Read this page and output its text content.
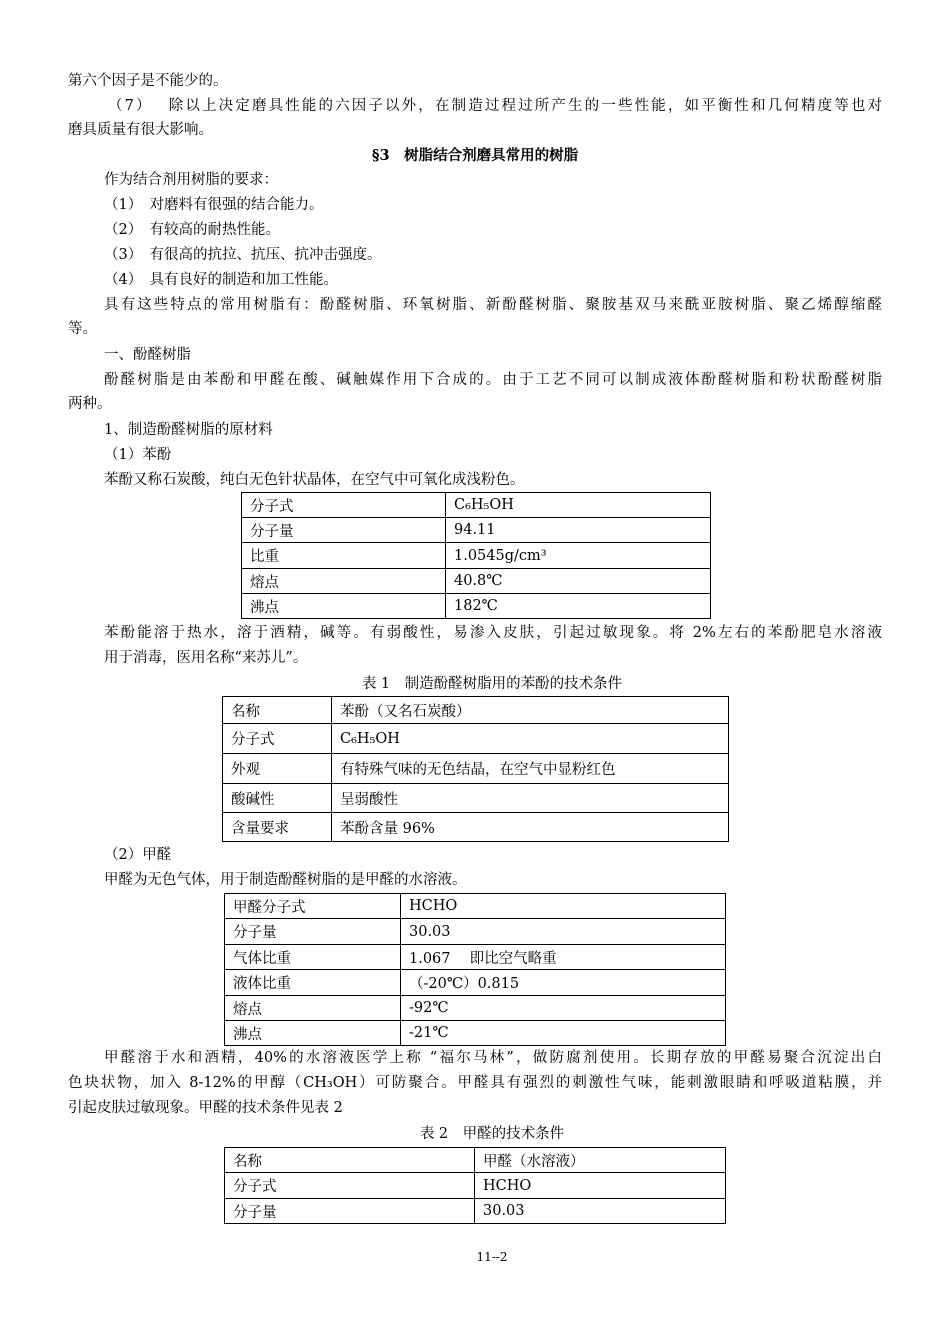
第六个因子是不能少的。
（7）　 除以上决定磨具性能的六因子以外，在制造过程过所产生的一些性能，如平衡性和几何精度等也对
磨具质量有很大影响。
§3　树脂结合剂磨具常用的树脂
作为结合剂用树脂的要求：
（1）　对磨料有很强的结合能力。
（2）　有较高的耐热性能。
（3）　有很高的抗拉、抗压、抗冲击强度。
（4）　具有良好的制造和加工性能。
具有这些特点的常用树脂有：酚醛树脂、环氧树脂、新酚醛树脂、聚胺基双马来酰亚胺树脂、聚乙烯醇缩醛
等。
一、酚醛树脂
酚醛树脂是由苯酚和甲醛在酸、碱触媒作用下合成的。由于工艺不同可以制成液体酚醛树脂和粉状酚醛树脂
两种。
1、制造酚醛树脂的原材料
（1）苯酚
苯酚又称石炭酸，纯白无色针状晶体，在空气中可氧化成浅粉色。
分子式	C₆H₅OH
分子量	94.11
比重	1.0545g/cm³
熔点	40.8℃
沸点	182℃
苯酚能溶于热水，溶于酒精，碱等。有弱酸性，易渗入皮肤，引起过敏现象。将 2%左右的苯酚肥皂水溶液
用于消毒，医用名称“来苏儿”。
表 1　制造酚醛树脂用的苯酚的技术条件
名称	苯酚（又名石炭酸）
分子式	C₆H₅OH
外观	有特殊气味的无色结晶，在空气中显粉红色
酸碱性	呈弱酸性
含量要求	苯酚含量 96%
（2）甲醛
甲醛为无色气体，用于制造酚醛树脂的是甲醛的水溶液。
甲醛分子式	HCHO
分子量	30.03
气体比重	1.067　 即比空气略重
液体比重	（-20℃）0.815
熔点	-92℃
沸点	-21℃
甲醛溶于水和酒精，40%的水溶液医学上称 “福尔马林”，做防腐剂使用。长期存放的甲醛易聚合沉淀出白
色块状物，加入 8-12%的甲醇（CH₃OH）可防聚合。甲醛具有强烈的刺激性气味，能刺激眼睛和呼吸道粘膜，并
引起皮肤过敏现象。甲醛的技术条件见表 2
表 2　甲醛的技术条件
名称	甲醛（水溶液）
分子式	HCHO
分子量	30.03
11--2
